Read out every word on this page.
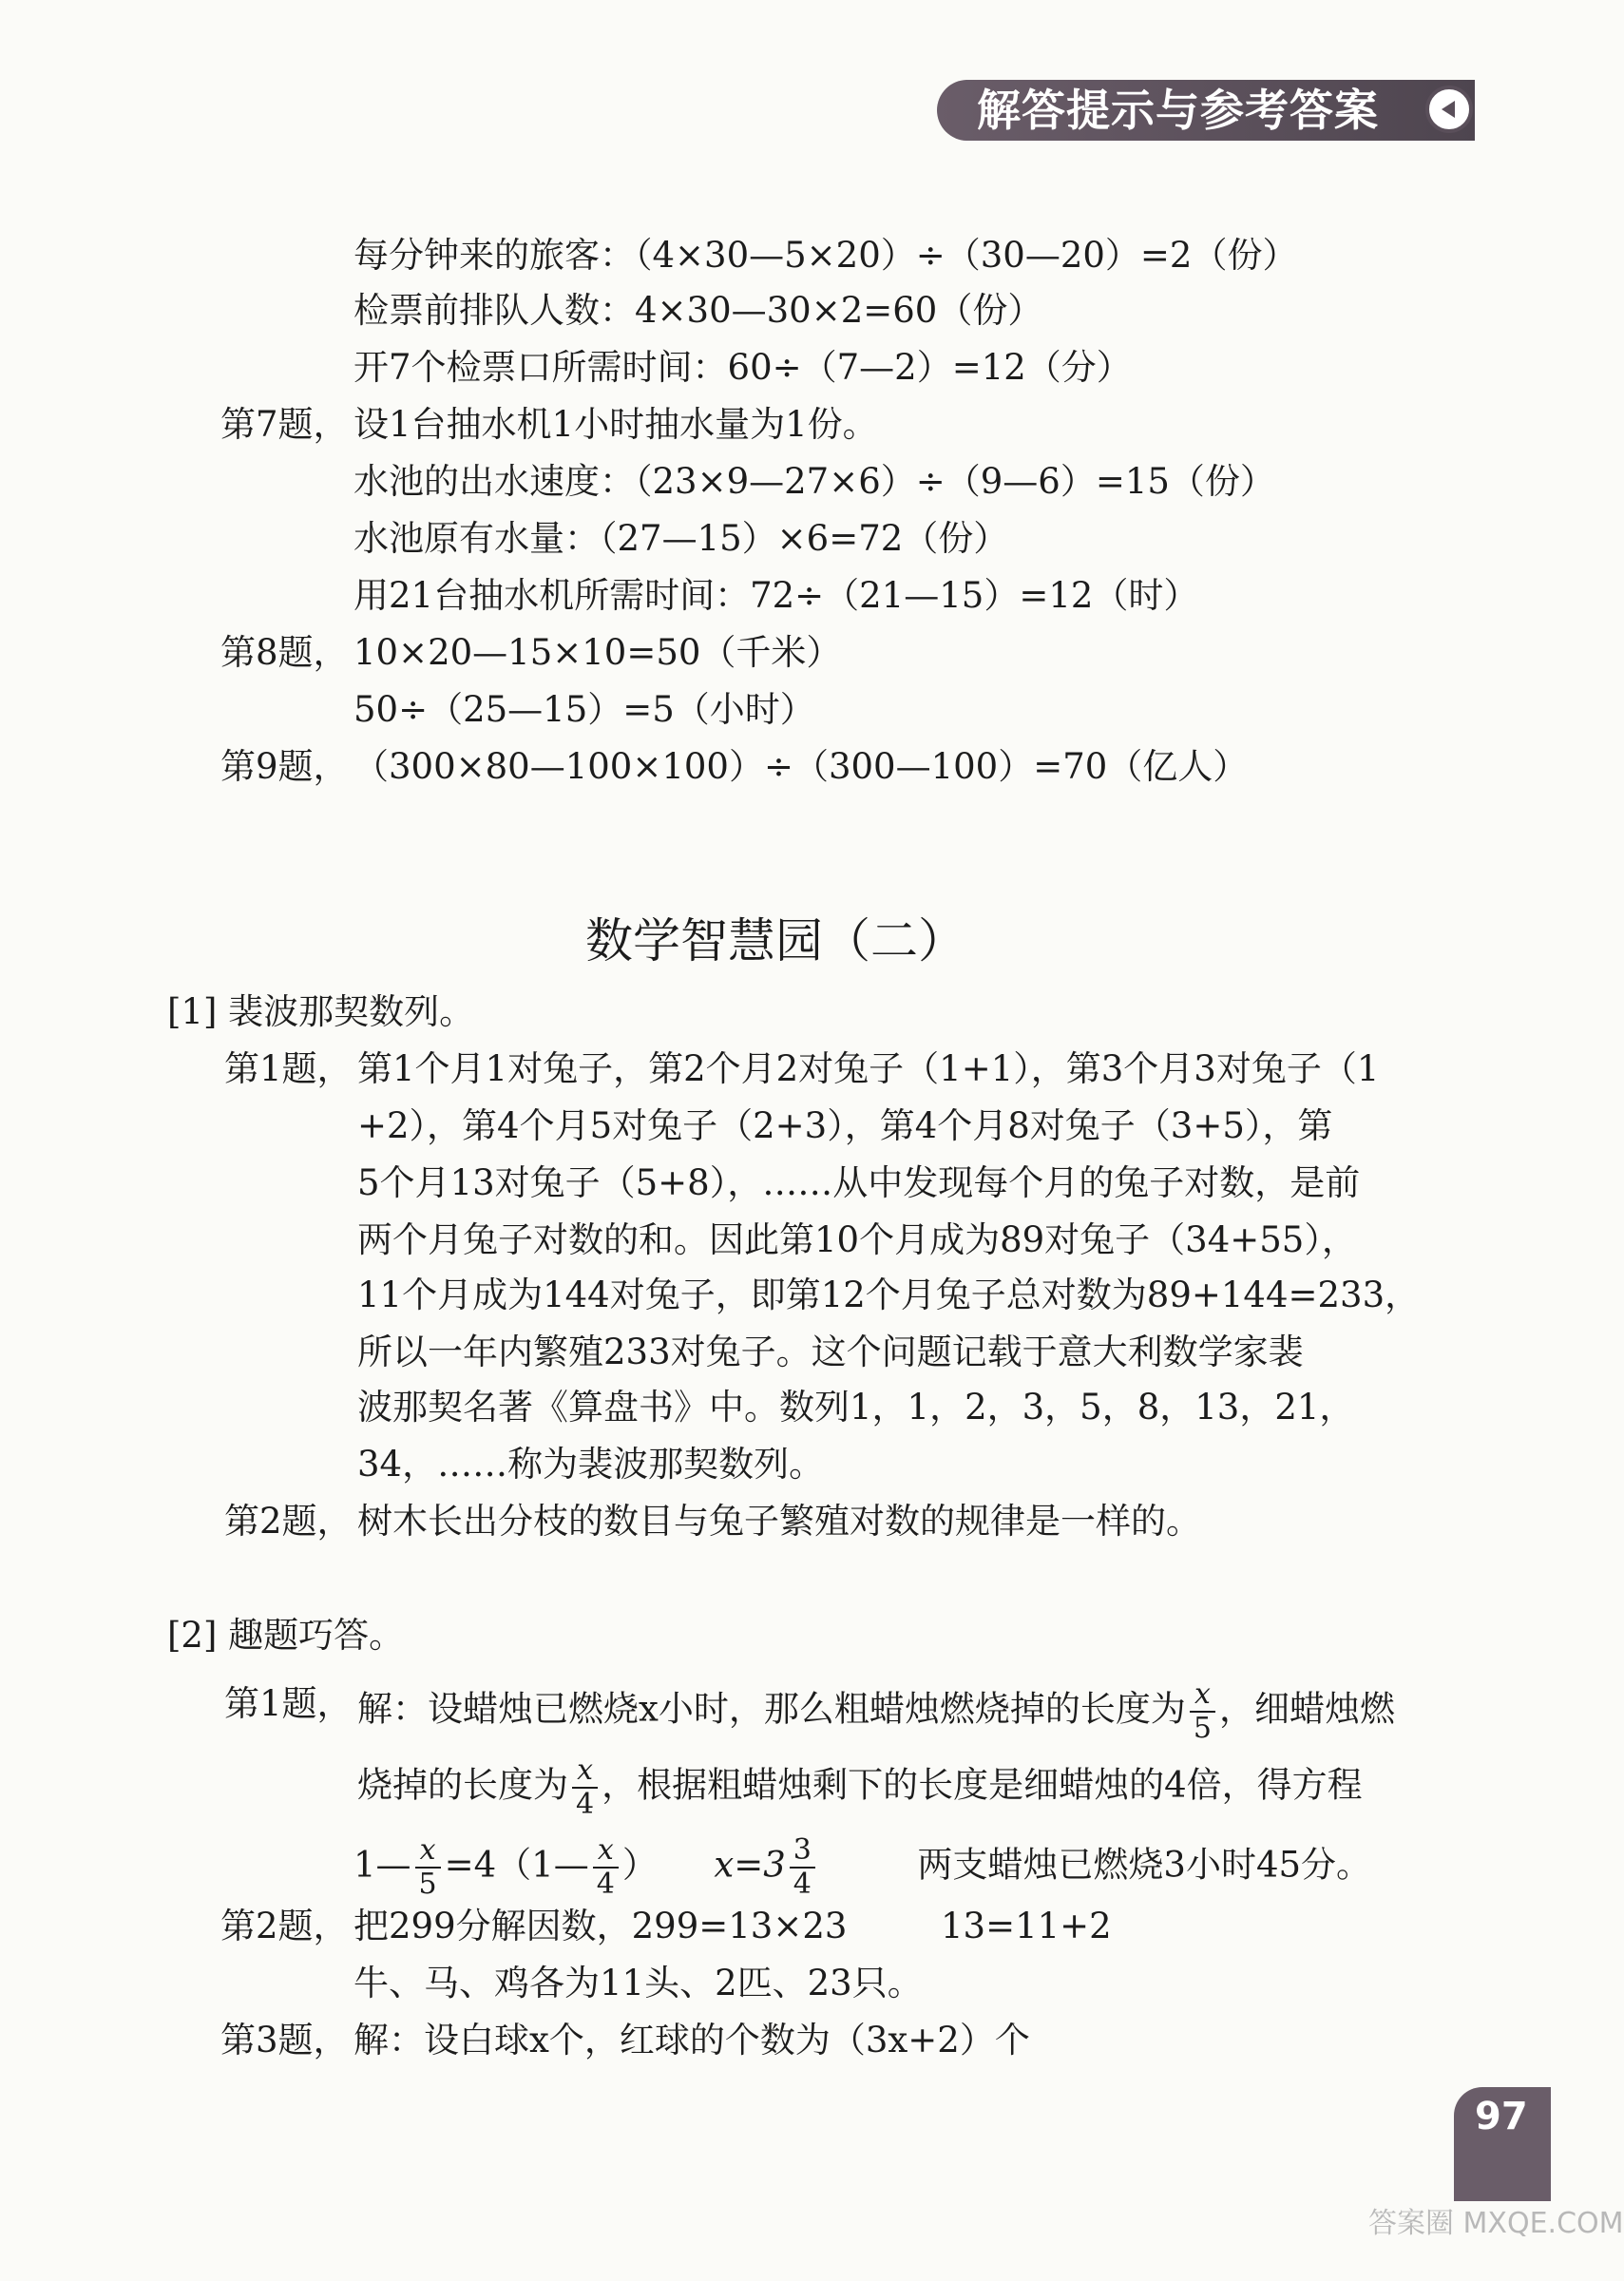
解答提示与参考答案
每分钟来的旅客：（4×30—5×20）÷（30—20）=2（份）
检票前排队人数：4×30—30×2=60（份）
开7个检票口所需时间：60÷（7—2）=12（分）
第7题， 设1台抽水机1小时抽水量为1份。
水池的出水速度：（23×9—27×6）÷（9—6）=15（份）
水池原有水量：（27—15）×6=72（份）
用21台抽水机所需时间：72÷（21—15）=12（时）
第8题， 10×20—15×10=50（千米）
50÷（25—15）=5（小时）
第9题， （300×80—100×100）÷（300—100）=70（亿人）
数学智慧园（二）
[1] 裴波那契数列。
第1题， 第1个月1对兔子，第2个月2对兔子（1+1），第3个月3对兔子（1
+2），第4个月5对兔子（2+3），第4个月8对兔子（3+5），第
5个月13对兔子（5+8），……从中发现每个月的兔子对数，是前
两个月兔子对数的和。因此第10个月成为89对兔子（34+55），
11个月成为144对兔子，即第12个月兔子总对数为89+144=233，
所以一年内繁殖233对兔子。这个问题记载于意大利数学家裴
波那契名著《算盘书》中。数列1，1，2，3，5，8，13，21，
34，……称为裴波那契数列。
第2题， 树木长出分枝的数目与兔子繁殖对数的规律是一样的。
[2] 趣题巧答。
第1题， 解：设蜡烛已燃烧x小时，那么粗蜡烛燃烧掉的长度为 $\frac{x}{5}$ ，细蜡烛燃
烧掉的长度为 $\frac{x}{4}$ ，根据粗蜡烛剩下的长度是细蜡烛的4倍，得方程
1— $\frac{x}{5}$ =4（1— $\frac{x}{4}$ ） $x=3 \frac{3}{4}$	两支蜡烛已燃烧3小时45分。
第2题， 把299分解因数，299=13×23	13=11+2
牛、马、鸡各为11头、2匹、23只。
第3题， 解：设白球x个，红球的个数为（3x+2）个
97
答案圈 MXQE.COM
